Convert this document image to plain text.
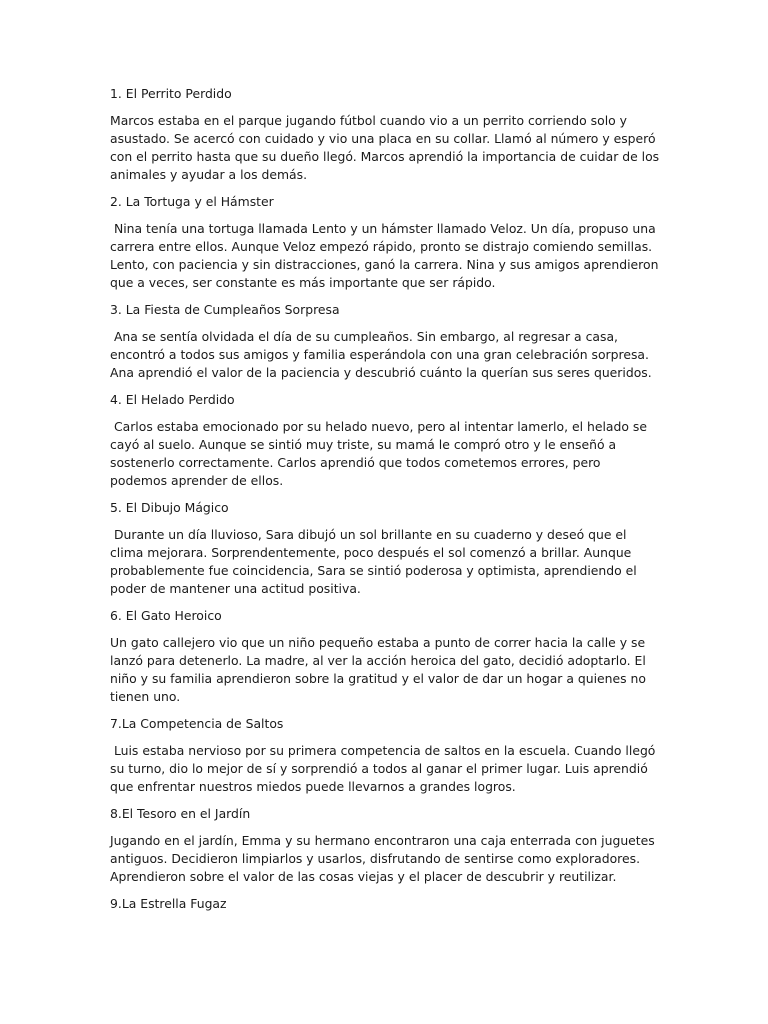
1. El Perrito Perdido

Marcos estaba en el parque jugando fútbol cuando vio a un perrito corriendo solo y asustado. Se acercó con cuidado y vio una placa en su collar. Llamó al número y esperó con el perrito hasta que su dueño llegó. Marcos aprendió la importancia de cuidar de los animales y ayudar a los demás.

2. La Tortuga y el Hámster

Nina tenía una tortuga llamada Lento y un hámster llamado Veloz. Un día, propuso una carrera entre ellos. Aunque Veloz empezó rápido, pronto se distrajo comiendo semillas. Lento, con paciencia y sin distracciones, ganó la carrera. Nina y sus amigos aprendieron que a veces, ser constante es más importante que ser rápido.

3. La Fiesta de Cumpleaños Sorpresa

Ana se sentía olvidada el día de su cumpleaños. Sin embargo, al regresar a casa, encontró a todos sus amigos y familia esperándola con una gran celebración sorpresa. Ana aprendió el valor de la paciencia y descubrió cuánto la querían sus seres queridos.

4. El Helado Perdido

Carlos estaba emocionado por su helado nuevo, pero al intentar lamerlo, el helado se cayó al suelo. Aunque se sintió muy triste, su mamá le compró otro y le enseñó a sostenerlo correctamente. Carlos aprendió que todos cometemos errores, pero podemos aprender de ellos.

5. El Dibujo Mágico

Durante un día lluvioso, Sara dibujó un sol brillante en su cuaderno y deseó que el clima mejorara. Sorprendentemente, poco después el sol comenzó a brillar. Aunque probablemente fue coincidencia, Sara se sintió poderosa y optimista, aprendiendo el poder de mantener una actitud positiva.

6. El Gato Heroico

Un gato callejero vio que un niño pequeño estaba a punto de correr hacia la calle y se lanzó para detenerlo. La madre, al ver la acción heroica del gato, decidió adoptarlo. El niño y su familia aprendieron sobre la gratitud y el valor de dar un hogar a quienes no tienen uno.

7.La Competencia de Saltos

Luis estaba nervioso por su primera competencia de saltos en la escuela. Cuando llegó su turno, dio lo mejor de sí y sorprendió a todos al ganar el primer lugar. Luis aprendió que enfrentar nuestros miedos puede llevarnos a grandes logros.

8.El Tesoro en el Jardín

Jugando en el jardín, Emma y su hermano encontraron una caja enterrada con juguetes antiguos. Decidieron limpiarlos y usarlos, disfrutando de sentirse como exploradores. Aprendieron sobre el valor de las cosas viejas y el placer de descubrir y reutilizar.

9.La Estrella Fugaz
